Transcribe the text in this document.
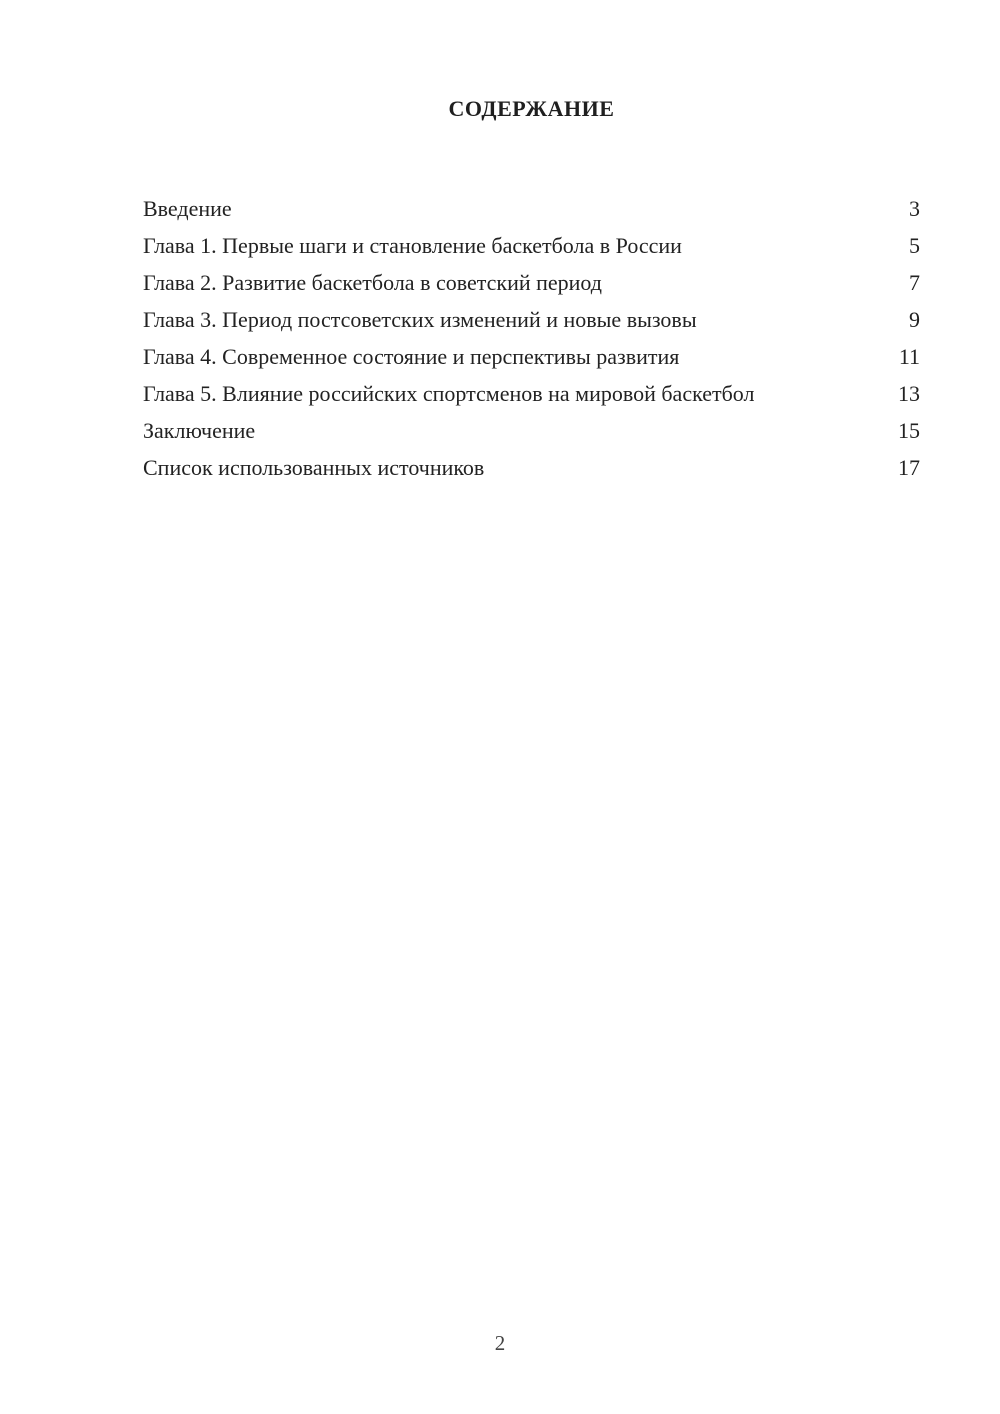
СОДЕРЖАНИЕ
Введение	3
Глава 1. Первые шаги и становление баскетбола в России	5
Глава 2. Развитие баскетбола в советский период	7
Глава 3. Период постсоветских изменений и новые вызовы	9
Глава 4. Современное состояние и перспективы развития	11
Глава 5. Влияние российских спортсменов на мировой баскетбол	13
Заключение	15
Список использованных источников	17
2
